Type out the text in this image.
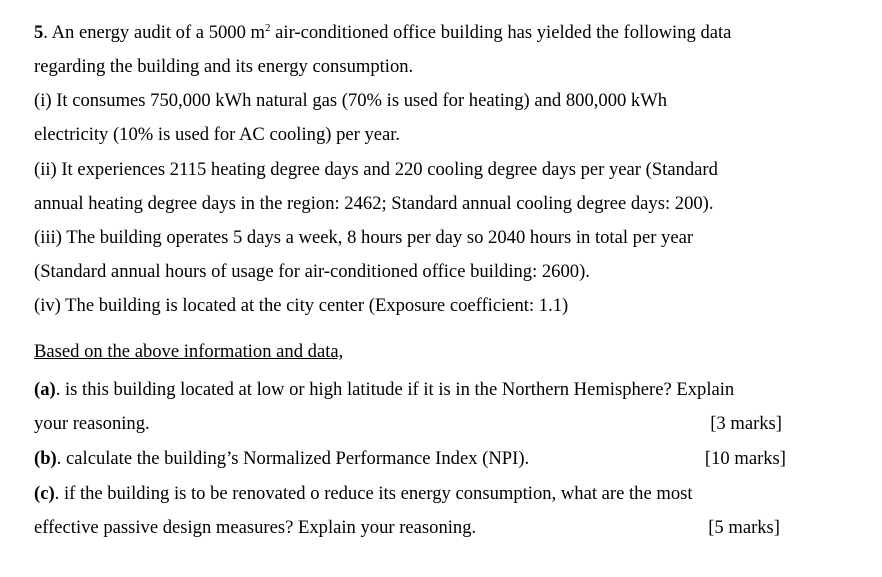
5. An energy audit of a 5000 $m^2$ air-conditioned office building has yielded the following data
regarding the building and its energy consumption.
(i) It consumes 750,000 kWh natural gas (70% is used for heating) and 800,000 kWh
electricity (10% is used for AC cooling) per year.
(ii) It experiences 2115 heating degree days and 220 cooling degree days per year (Standard
annual heating degree days in the region: 2462; Standard annual cooling degree days: 200).
(iii) The building operates 5 days a week, 8 hours per day so 2040 hours in total per year
(Standard annual hours of usage for air-conditioned office building: 2600).
(iv) The building is located at the city center (Exposure coefficient: 1.1)
Based on the above information and data,
(a). is this building located at low or high latitude if it is in the Northern Hemisphere? Explain
your reasoning.	[3 marks]
(b). calculate the building’s Normalized Performance Index (NPI).	[10 marks]
(c). if the building is to be renovated o reduce its energy consumption, what are the most
effective passive design measures? Explain your reasoning.	[5 marks]
